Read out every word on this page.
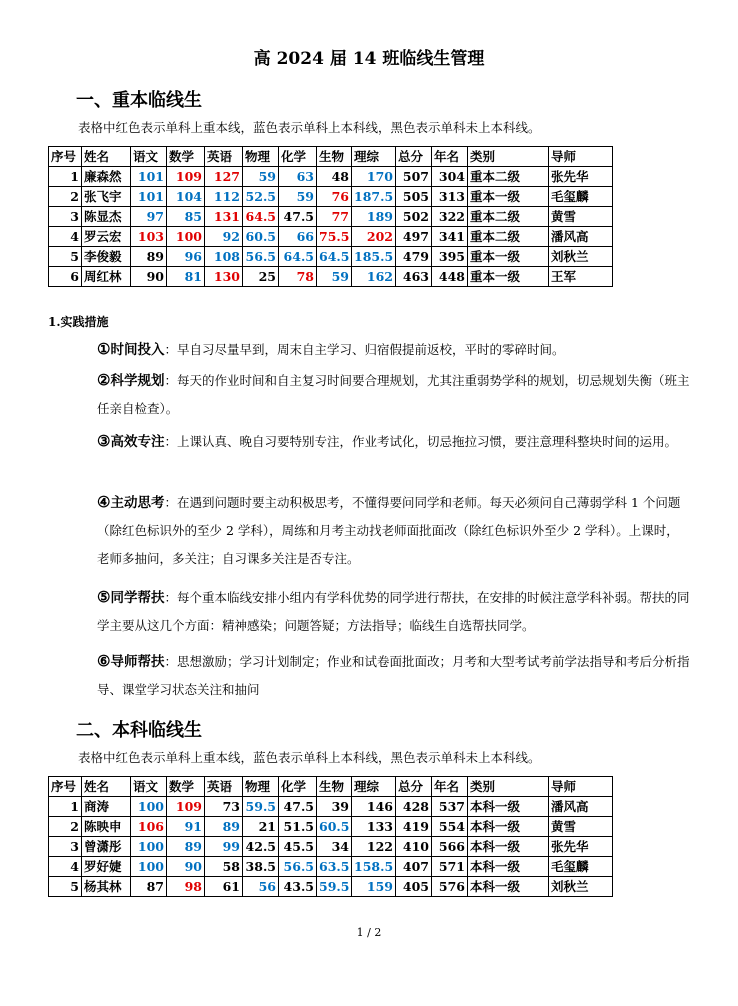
高 2024 届 14 班临线生管理
一、重本临线生
表格中红色表示单科上重本线，蓝色表示单科上本科线，黑色表示单科未上本科线。
序号	姓名	语文	数学	英语	物理	化学	生物	理综	总分	年名	类别	导师
1	廉森然	101	109	127	59	63	48	170	507	304	重本二级	张先华
2	张飞宇	101	104	112	52.5	59	76	187.5	505	313	重本一级	毛玺麟
3	陈显杰	97	85	131	64.5	47.5	77	189	502	322	重本二级	黄雪
4	罗云宏	103	100	92	60.5	66	75.5	202	497	341	重本二级	潘风高
5	李俊毅	89	96	108	56.5	64.5	64.5	185.5	479	395	重本一级	刘秋兰
6	周红林	90	81	130	25	78	59	162	463	448	重本一级	王军
1.实践措施
①时间投入：早自习尽量早到，周末自主学习、归宿假提前返校，平时的零碎时间。
②科学规划：每天的作业时间和自主复习时间要合理规划，尤其注重弱势学科的规划，切忌规划失衡（班主任亲自检查）。
③高效专注：上课认真、晚自习要特别专注，作业考试化，切忌拖拉习惯，要注意理科整块时间的运用。
④主动思考：在遇到问题时要主动积极思考，不懂得要问同学和老师。每天必须问自己薄弱学科 1 个问题（除红色标识外的至少 2 学科），周练和月考主动找老师面批面改（除红色标识外至少 2 学科）。上课时，老师多抽问，多关注；自习课多关注是否专注。
⑤同学帮扶：每个重本临线安排小组内有学科优势的同学进行帮扶，在安排的时候注意学科补弱。帮扶的同学主要从这几个方面：精神感染；问题答疑；方法指导；临线生自选帮扶同学。
⑥导师帮扶：思想激励；学习计划制定；作业和试卷面批面改；月考和大型考试考前学法指导和考后分析指导、课堂学习状态关注和抽问
二、本科临线生
表格中红色表示单科上重本线，蓝色表示单科上本科线，黑色表示单科未上本科线。
序号	姓名	语文	数学	英语	物理	化学	生物	理综	总分	年名	类别	导师
1	商涛	100	109	73	59.5	47.5	39	146	428	537	本科一级	潘风高
2	陈映申	106	91	89	21	51.5	60.5	133	419	554	本科一级	黄雪
3	曾潇彤	100	89	99	42.5	45.5	34	122	410	566	本科一级	张先华
4	罗好婕	100	90	58	38.5	56.5	63.5	158.5	407	571	本科一级	毛玺麟
5	杨其林	87	98	61	56	43.5	59.5	159	405	576	本科一级	刘秋兰
1 / 2
